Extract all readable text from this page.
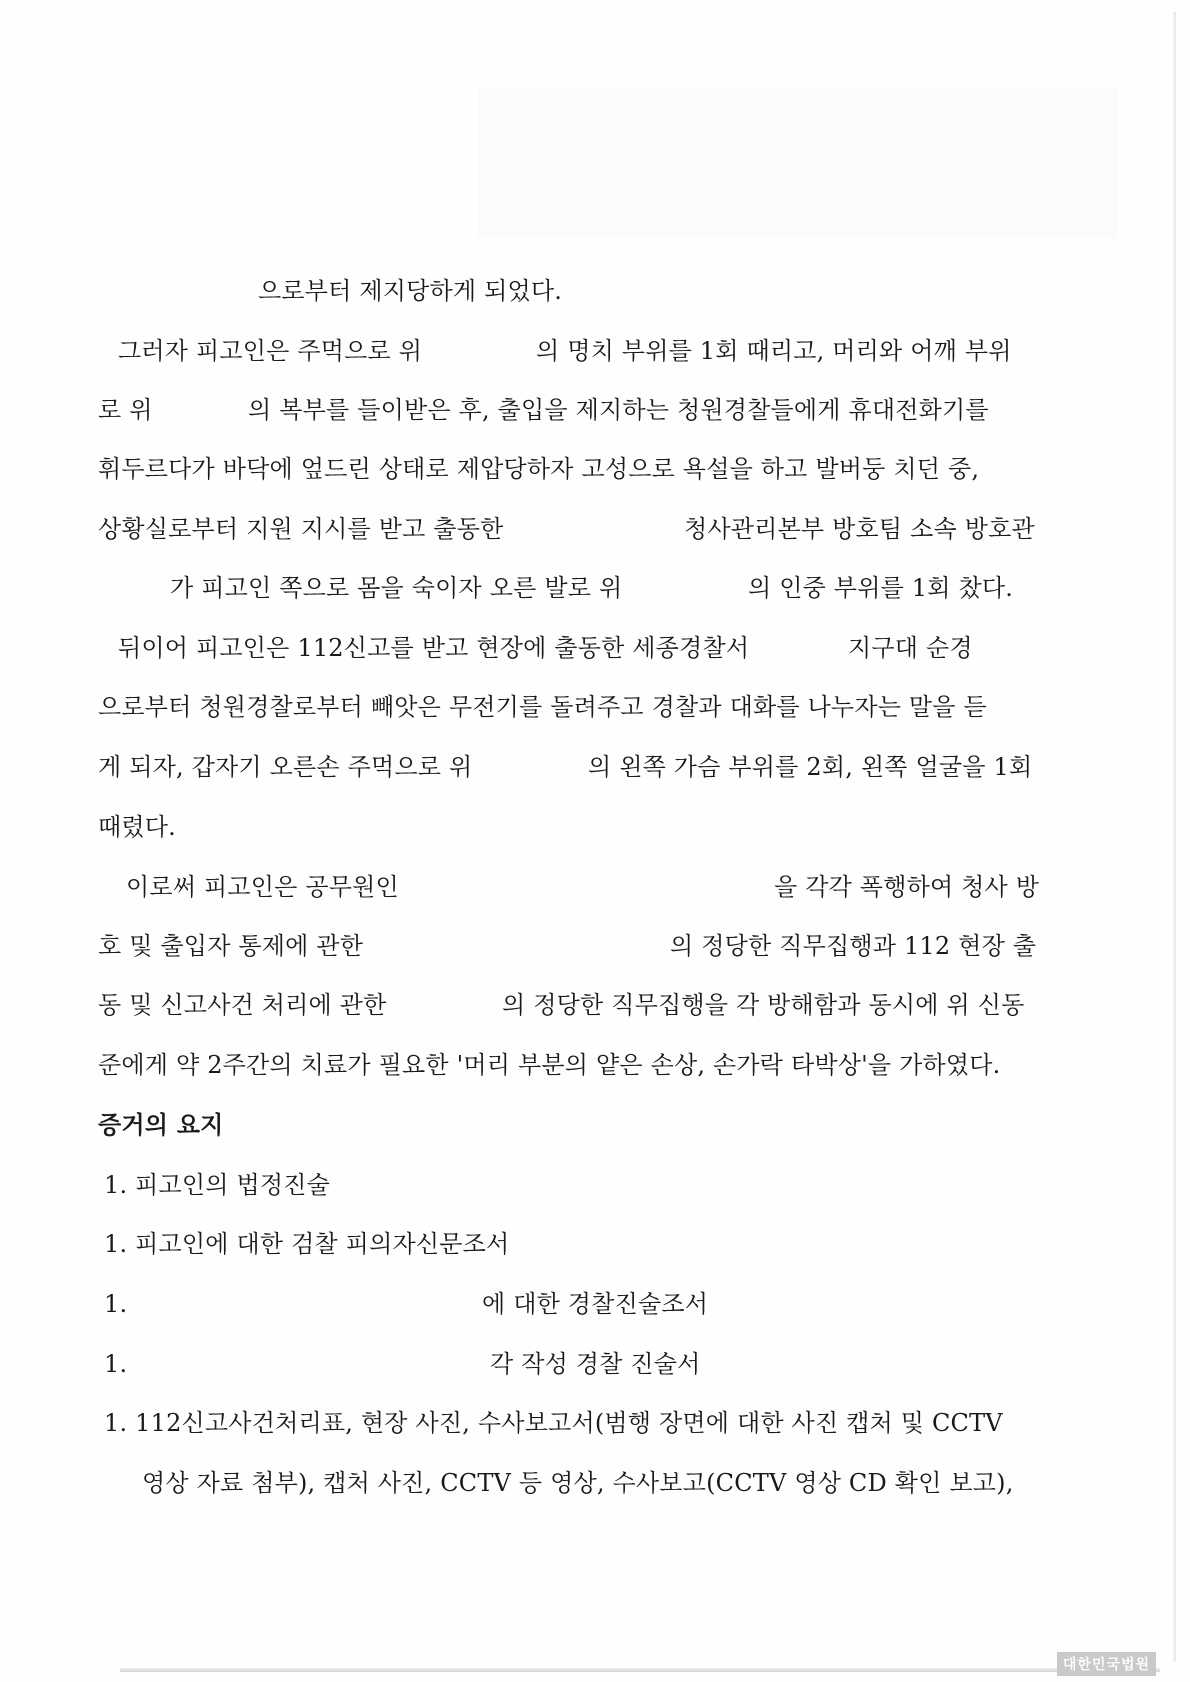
으로부터 제지당하게 되었다.
그러자 피고인은 주먹으로 위	의 명치 부위를 1회 때리고, 머리와 어깨 부위
로 위	의 복부를 들이받은 후, 출입을 제지하는 청원경찰들에게 휴대전화기를
휘두르다가 바닥에 엎드린 상태로 제압당하자 고성으로 욕설을 하고 발버둥 치던 중,
상황실로부터 지원 지시를 받고 출동한	청사관리본부 방호팀 소속 방호관
가 피고인 쪽으로 몸을 숙이자 오른 발로 위	의 인중 부위를 1회 찼다.
뒤이어 피고인은 112신고를 받고 현장에 출동한 세종경찰서	지구대 순경
으로부터 청원경찰로부터 빼앗은 무전기를 돌려주고 경찰과 대화를 나누자는 말을 듣
게 되자, 갑자기 오른손 주먹으로 위	의 왼쪽 가슴 부위를 2회, 왼쪽 얼굴을 1회
때렸다.
이로써 피고인은 공무원인	을 각각 폭행하여 청사 방
호 및 출입자 통제에 관한	의 정당한 직무집행과 112 현장 출
동 및 신고사건 처리에 관한	의 정당한 직무집행을 각 방해함과 동시에 위 신동
준에게 약 2주간의 치료가 필요한 '머리 부분의 얕은 손상, 손가락 타박상'을 가하였다.
증거의 요지
1. 피고인의 법정진술
1. 피고인에 대한 검찰 피의자신문조서
1.	에 대한 경찰진술조서
1.	각 작성 경찰 진술서
1. 112신고사건처리표, 현장 사진, 수사보고서(범행 장면에 대한 사진 캡처 및 CCTV
영상 자료 첨부), 캡처 사진, CCTV 등 영상, 수사보고(CCTV 영상 CD 확인 보고),
대한민국법원
